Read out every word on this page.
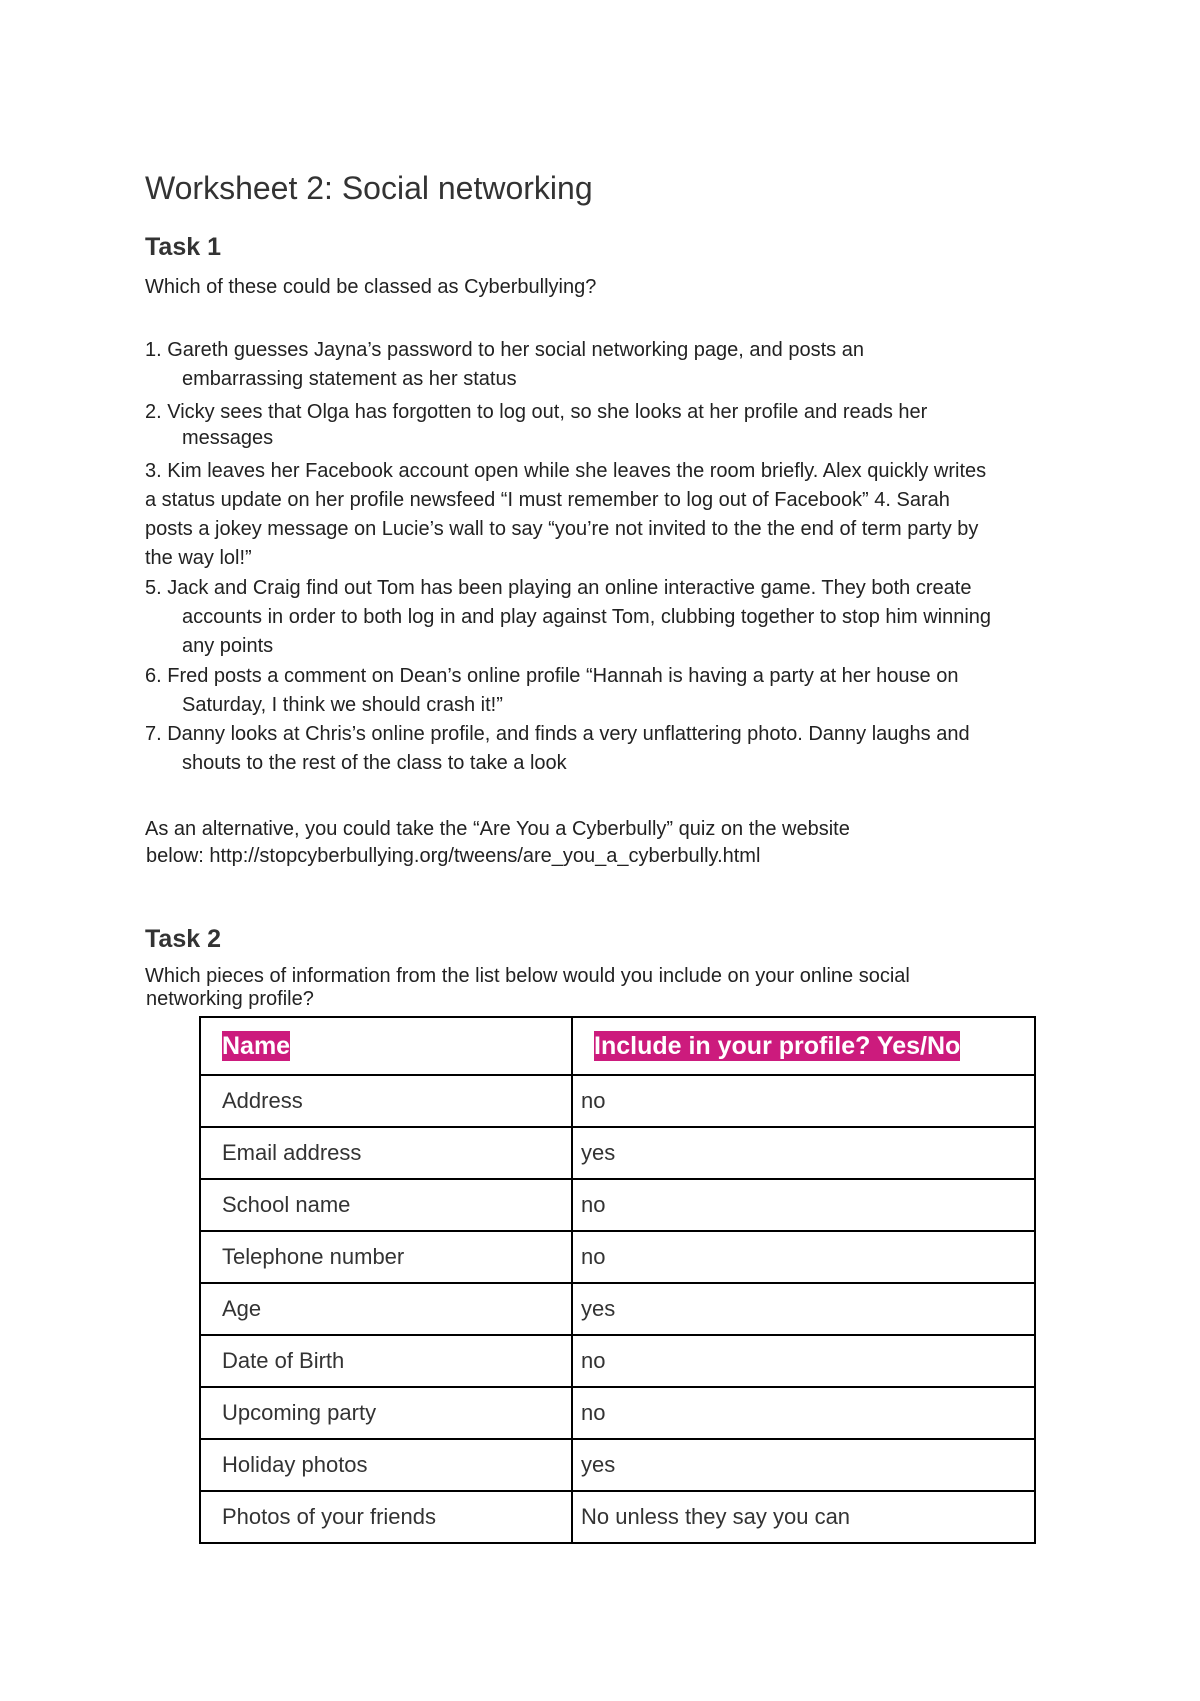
Worksheet 2: Social networking
Task 1

Which of these could be classed as Cyberbullying?

1. Gareth guesses Jayna’s password to her social networking page, and posts an
embarrassing statement as her status
2. Vicky sees that Olga has forgotten to log out, so she looks at her profile and reads her
messages
3. Kim leaves her Facebook account open while she leaves the room briefly. Alex quickly writes
a status update on her profile newsfeed “I must remember to log out of Facebook” 4. Sarah
posts a jokey message on Lucie’s wall to say “you’re not invited to the the end of term party by
the way lol!”
5. Jack and Craig find out Tom has been playing an online interactive game. They both create
accounts in order to both log in and play against Tom, clubbing together to stop him winning
any points
6. Fred posts a comment on Dean’s online profile “Hannah is having a party at her house on
Saturday, I think we should crash it!”
7. Danny looks at Chris’s online profile, and finds a very unflattering photo. Danny laughs and
shouts to the rest of the class to take a look

As an alternative, you could take the “Are You a Cyberbully” quiz on the website

below: http://stopcyberbullying.org/tweens/are_you_a_cyberbully.html

Task 2

Which pieces of information from the list below would you include on your online social

networking profile?

Name	Include in your profile? Yes/No
Address	no
Email address	yes
School name	no
Telephone number	no
Age	yes
Date of Birth	no
Upcoming party	no
Holiday photos	yes
Photos of your friends	No unless they say you can
